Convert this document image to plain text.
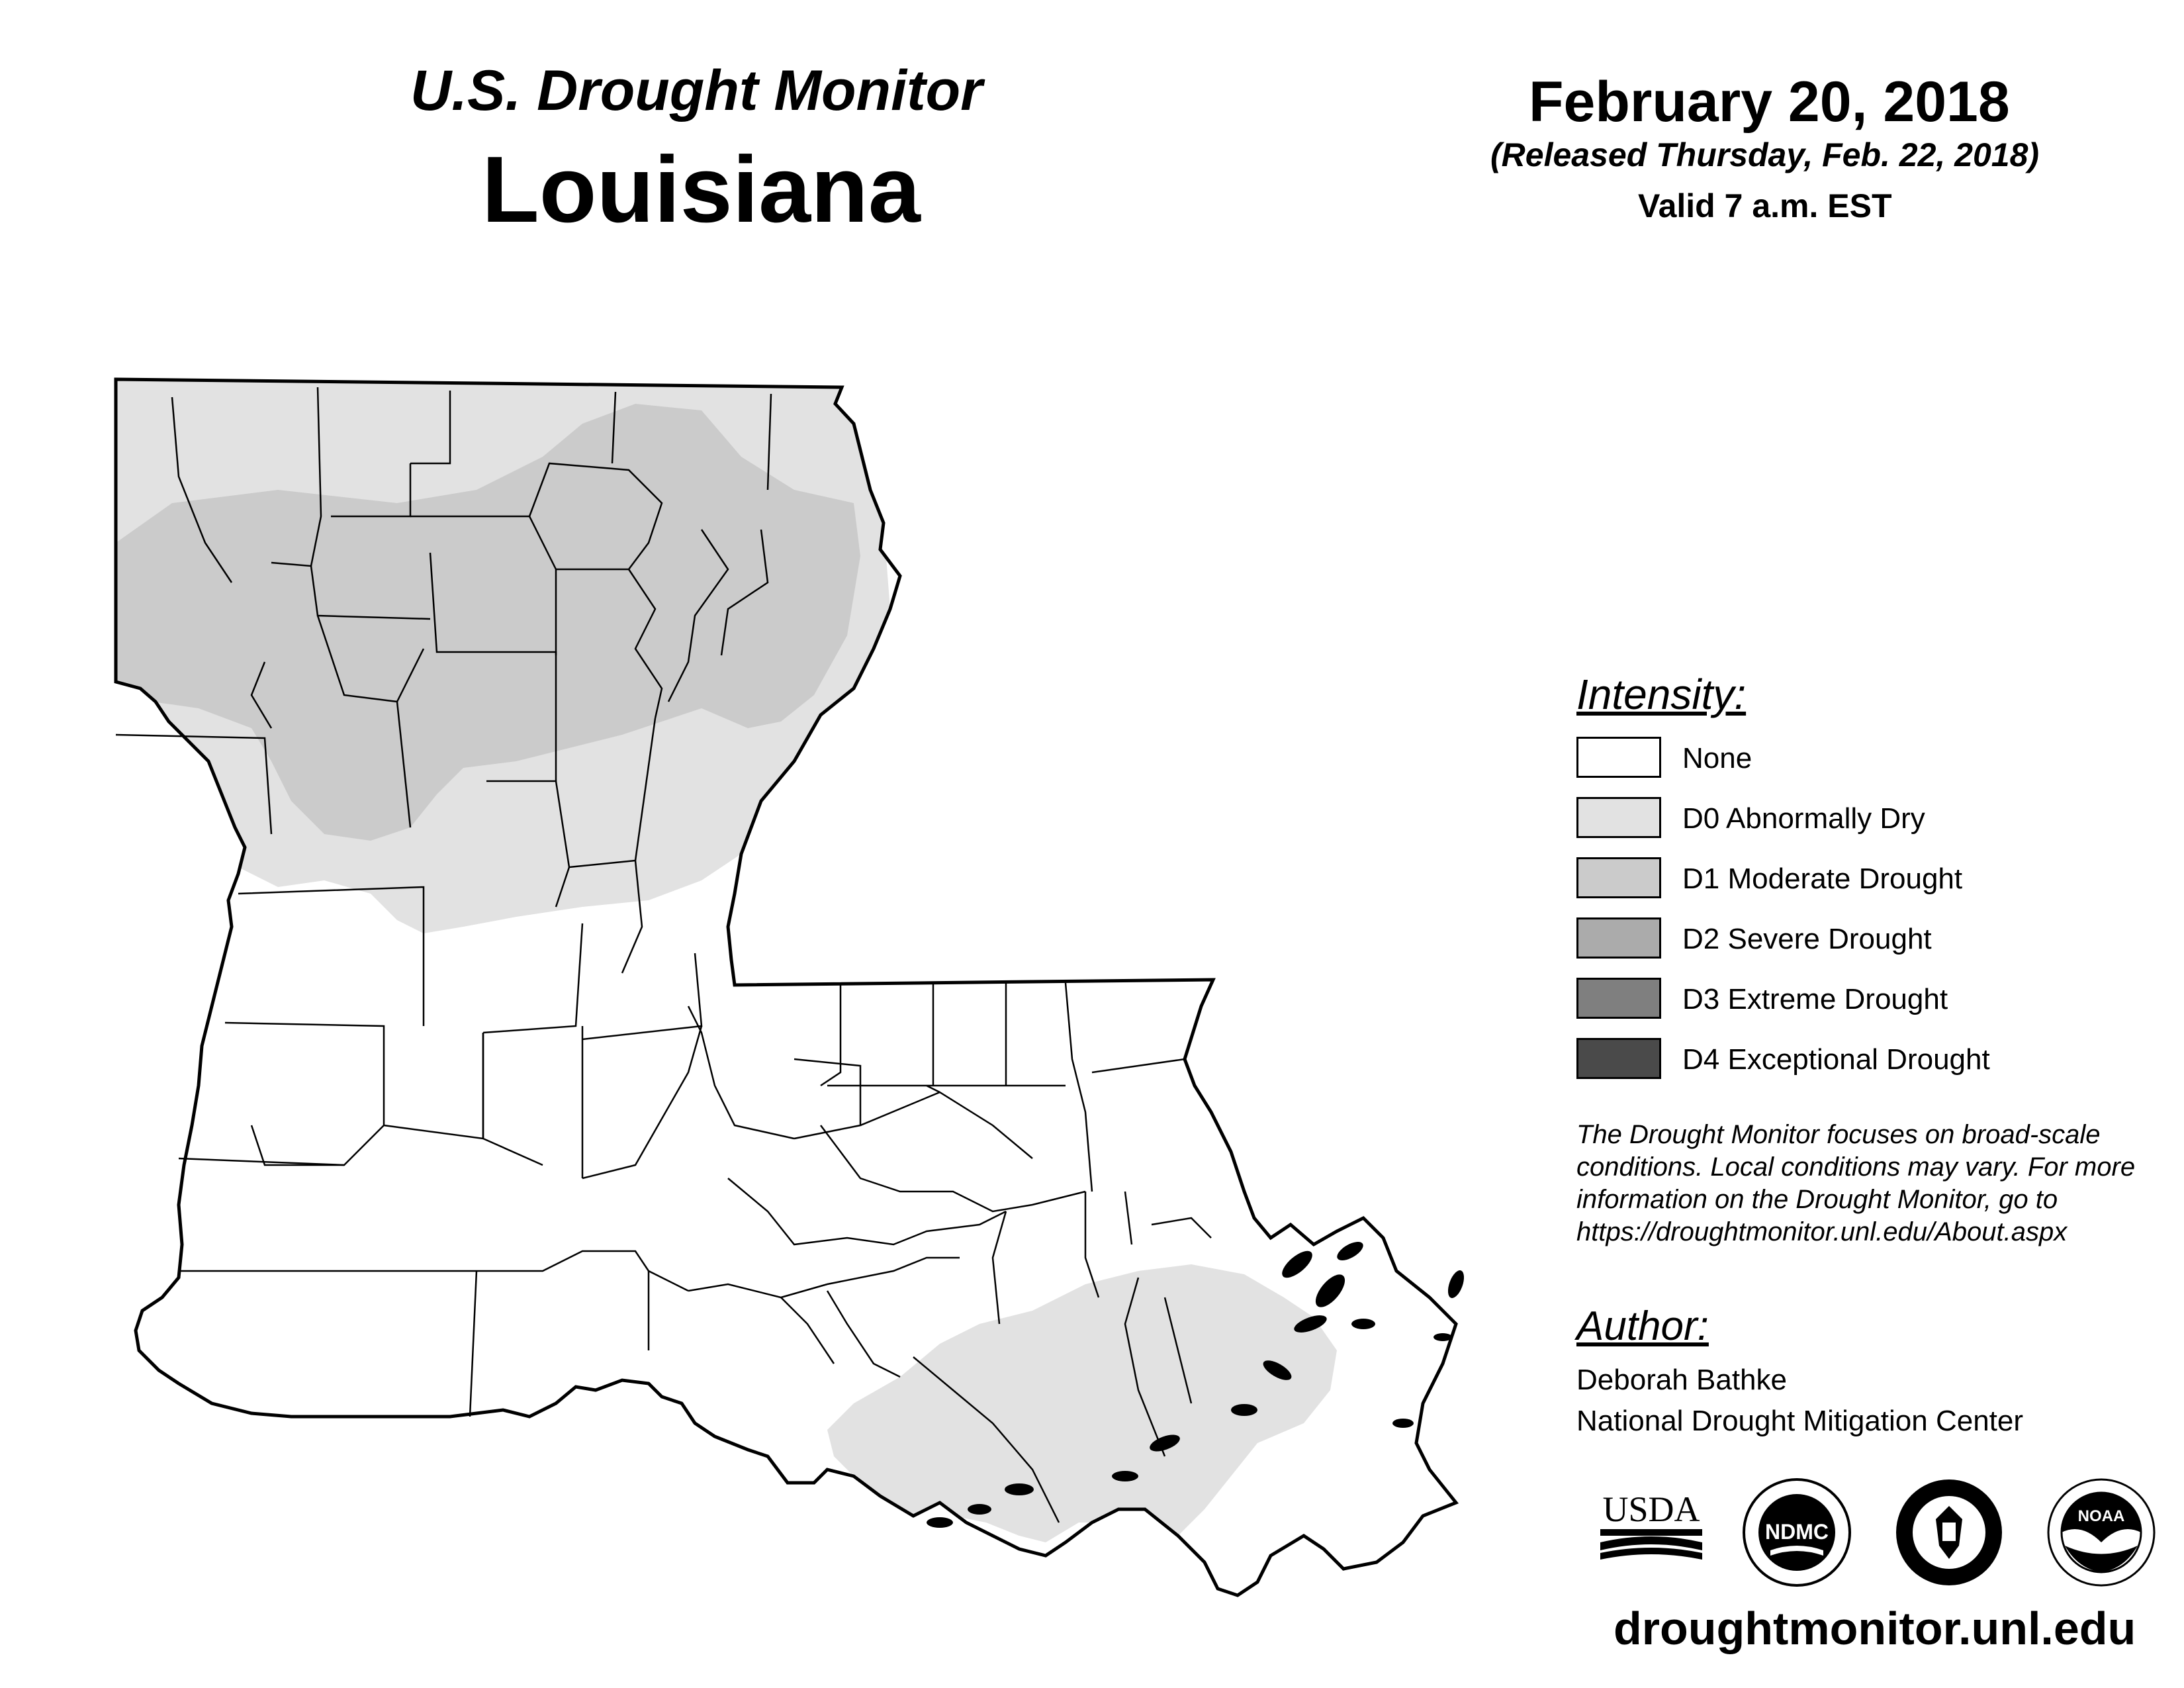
U.S. Drought Monitor
Louisiana
February 20, 2018
(Released Thursday, Feb. 22, 2018)
Valid 7 a.m. EST
Intensity:
None
D0 Abnormally Dry
D1 Moderate Drought
D2 Severe Drought
D3 Extreme Drought
D4 Exceptional Drought
The Drought Monitor focuses on broad-scale
conditions. Local conditions may vary. For more
information on the Drought Monitor, go to
https://droughtmonitor.unl.edu/About.aspx
Author:
Deborah Bathke
National Drought Mitigation Center
USDA
NDMC
NOAA
droughtmonitor.unl.edu
